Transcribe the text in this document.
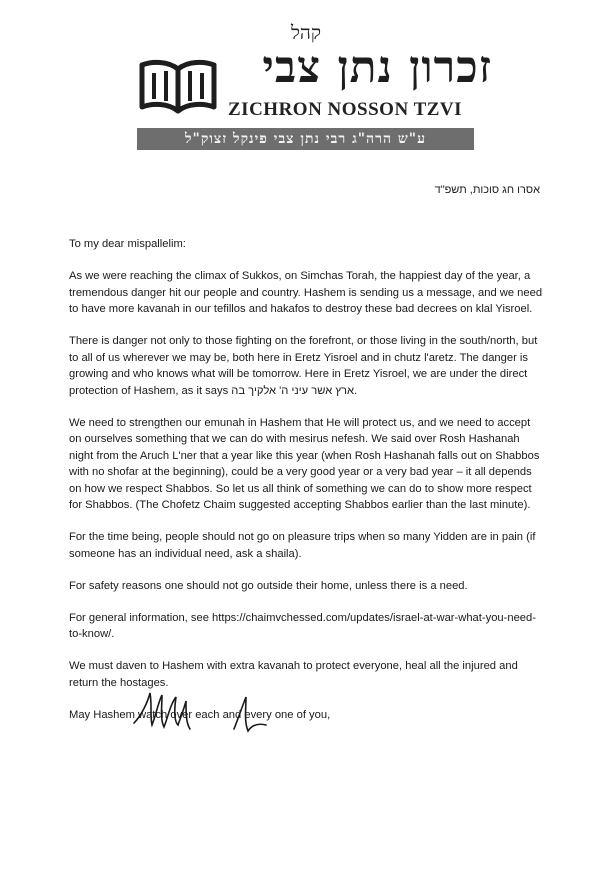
קהל
זכרון נתן צבי
ZICHRON NOSSON TZVI
ע"ש הרה"ג רבי נתן צבי פינקל זצוק"ל
אסרו חג סוכות, תשפ"ד

To my dear mispallelim:

As we were reaching the climax of Sukkos, on Simchas Torah, the happiest day of the year, a tremendous danger hit our people and country. Hashem is sending us a message, and we need to have more kavanah in our tefillos and hakafos to destroy these bad decrees on klal Yisroel.

There is danger not only to those fighting on the forefront, or those living in the south/north, but to all of us wherever we may be, both here in Eretz Yisroel and in chutz l'aretz. The danger is growing and who knows what will be tomorrow. Here in Eretz Yisroel, we are under the direct protection of Hashem, as it says ארץ אשר עיני ה' אלקיך בה.

We need to strengthen our emunah in Hashem that He will protect us, and we need to accept on ourselves something that we can do with mesirus nefesh. We said over Rosh Hashanah night from the Aruch L'ner that a year like this year (when Rosh Hashanah falls out on Shabbos with no shofar at the beginning), could be a very good year or a very bad year – it all depends on how we respect Shabbos. So let us all think of something we can do to show more respect for Shabbos. (The Chofetz Chaim suggested accepting Shabbos earlier than the last minute).

For the time being, people should not go on pleasure trips when so many Yidden are in pain (if someone has an individual need, ask a shaila).

For safety reasons one should not go outside their home, unless there is a need.

For general information, see https://chaimvchessed.com/updates/israel-at-war-what-you-need-to-know/.

We must daven to Hashem with extra kavanah to protect everyone, heal all the injured and return the hostages.

May Hashem watch over each and every one of you,
